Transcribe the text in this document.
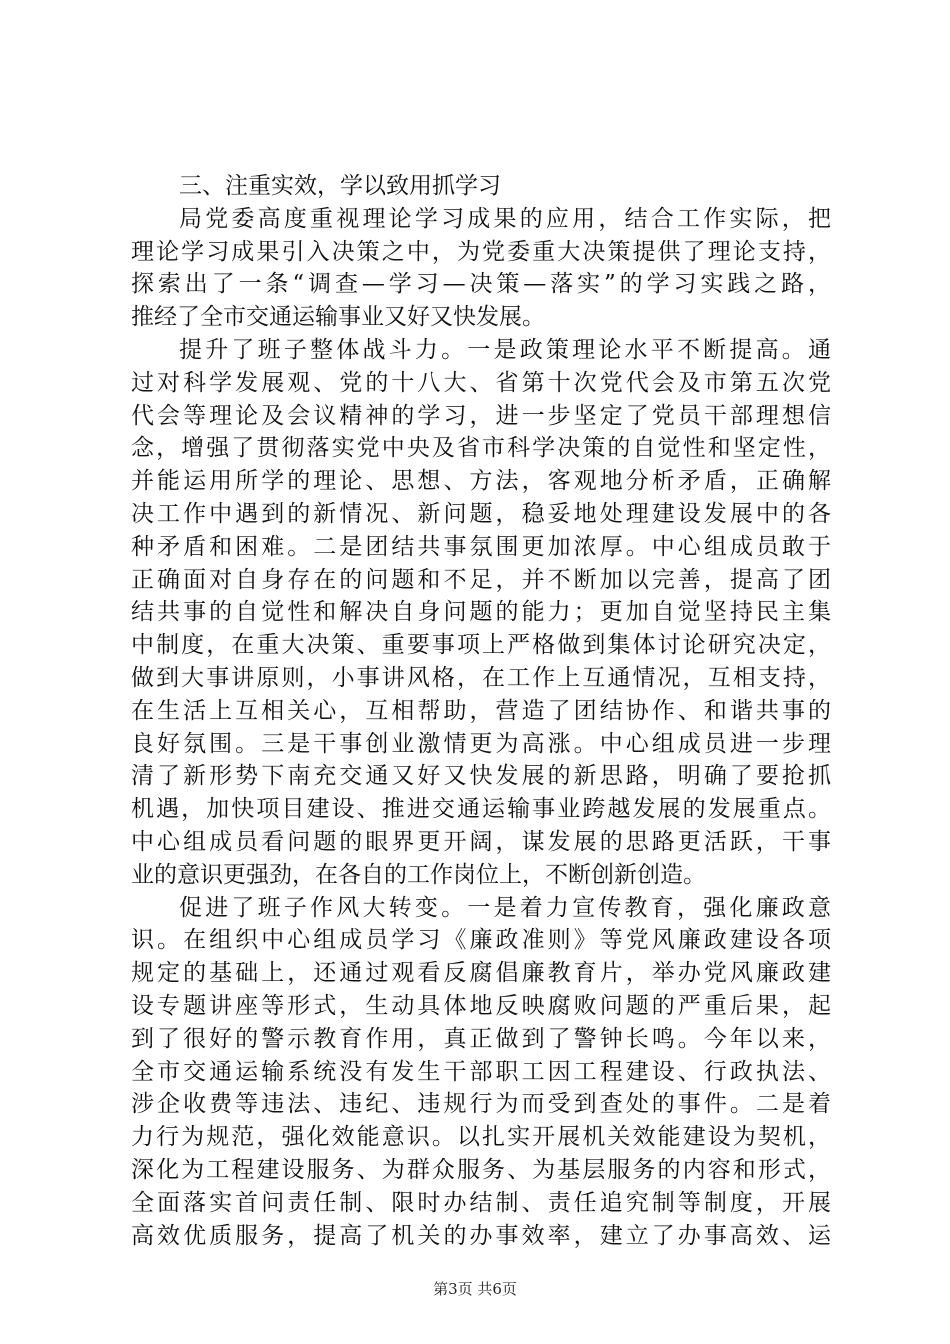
三、注重实效，学以致用抓学习
局党委高度重视理论学习成果的应用，结合工作实际，把
理论学习成果引入决策之中，为党委重大决策提供了理论支持，
探索出了一条“调查—学习—决策—落实”的学习实践之路，
推经了全市交通运输事业又好又快发展。
提升了班子整体战斗力。一是政策理论水平不断提高。通
过对科学发展观、党的十八大、省第十次党代会及市第五次党
代会等理论及会议精神的学习，进一步坚定了党员干部理想信
念，增强了贯彻落实党中央及省市科学决策的自觉性和坚定性，
并能运用所学的理论、思想、方法，客观地分析矛盾，正确解
决工作中遇到的新情况、新问题，稳妥地处理建设发展中的各
种矛盾和困难。二是团结共事氛围更加浓厚。中心组成员敢于
正确面对自身存在的问题和不足，并不断加以完善，提高了团
结共事的自觉性和解决自身问题的能力；更加自觉坚持民主集
中制度，在重大决策、重要事项上严格做到集体讨论研究决定，
做到大事讲原则，小事讲风格，在工作上互通情况，互相支持，
在生活上互相关心，互相帮助，营造了团结协作、和谐共事的
良好氛围。三是干事创业激情更为高涨。中心组成员进一步理
清了新形势下南充交通又好又快发展的新思路，明确了要抢抓
机遇，加快项目建设、推进交通运输事业跨越发展的发展重点。
中心组成员看问题的眼界更开阔，谋发展的思路更活跃，干事
业的意识更强劲，在各自的工作岗位上，不断创新创造。
促进了班子作风大转变。一是着力宣传教育，强化廉政意
识。在组织中心组成员学习《廉政准则》等党风廉政建设各项
规定的基础上，还通过观看反腐倡廉教育片，举办党风廉政建
设专题讲座等形式，生动具体地反映腐败问题的严重后果，起
到了很好的警示教育作用，真正做到了警钟长鸣。今年以来，
全市交通运输系统没有发生干部职工因工程建设、行政执法、
涉企收费等违法、违纪、违规行为而受到查处的事件。二是着
力行为规范，强化效能意识。以扎实开展机关效能建设为契机，
深化为工程建设服务、为群众服务、为基层服务的内容和形式，
全面落实首问责任制、限时办结制、责任追究制等制度，开展
高效优质服务，提高了机关的办事效率，建立了办事高效、运
第3页 共6页
